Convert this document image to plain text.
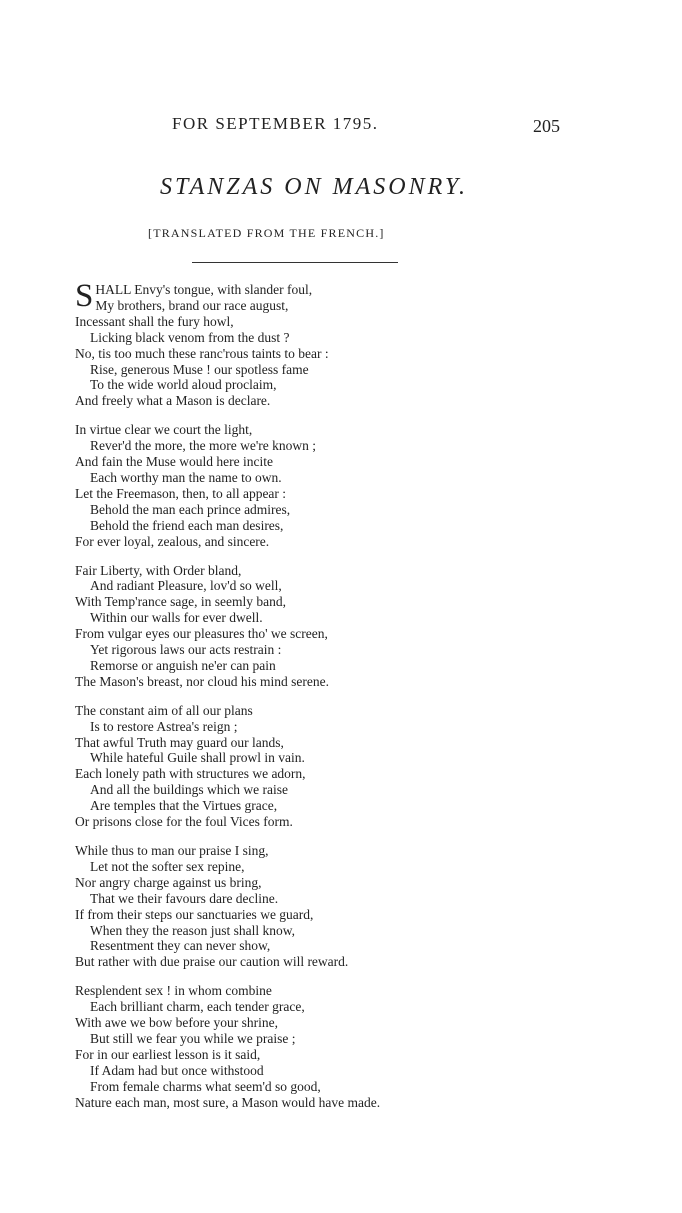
FOR SEPTEMBER 1795.	205
STANZAS ON MASONRY.
[TRANSLATED FROM THE FRENCH.]
S HALL Envy's tongue, with slander foul,
My brothers, brand our race august,
Incessant shall the fury howl,
Licking black venom from the dust ?
No, tis too much these ranc'rous taints to bear :
Rise, generous Muse ! our spotless fame
To the wide world aloud proclaim,
And freely what a Mason is declare.
In virtue clear we court the light,
Rever'd the more, the more we're known ;
And fain the Muse would here incite
Each worthy man the name to own.
Let the Freemason, then, to all appear :
Behold the man each prince admires,
Behold the friend each man desires,
For ever loyal, zealous, and sincere.
Fair Liberty, with Order bland,
And radiant Pleasure, lov'd so well,
With Temp'rance sage, in seemly band,
Within our walls for ever dwell.
From vulgar eyes our pleasures tho' we screen,
Yet rigorous laws our acts restrain :
Remorse or anguish ne'er can pain
The Mason's breast, nor cloud his mind serene.
The constant aim of all our plans
Is to restore Astrea's reign ;
That awful Truth may guard our lands,
While hateful Guile shall prowl in vain.
Each lonely path with structures we adorn,
And all the buildings which we raise
Are temples that the Virtues grace,
Or prisons close for the foul Vices form.
While thus to man our praise I sing,
Let not the softer sex repine,
Nor angry charge against us bring,
That we their favours dare decline.
If from their steps our sanctuaries we guard,
When they the reason just shall know,
Resentment they can never show,
But rather with due praise our caution will reward.
Resplendent sex ! in whom combine
Each brilliant charm, each tender grace,
With awe we bow before your shrine,
But still we fear you while we praise ;
For in our earliest lesson is it said,
If Adam had but once withstood
From female charms what seem'd so good,
Nature each man, most sure, a Mason would have made.
